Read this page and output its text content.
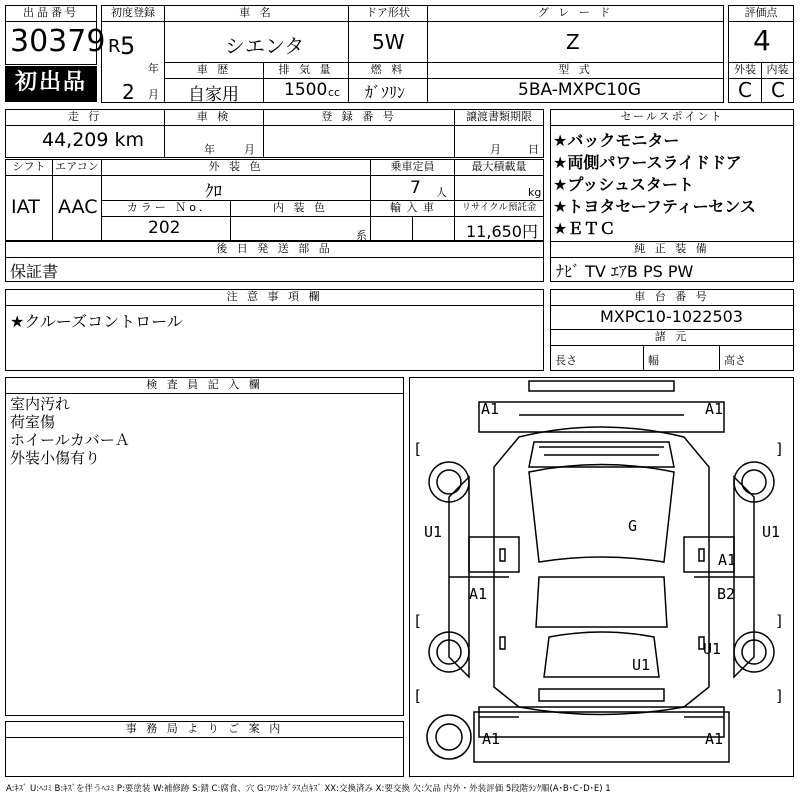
出品番号
30379
初出品
初度登録
R 5
年
2 月
車 名
シエンタ
ドア形状
5W
グ レ ー ド
Z
評価点
4
車 歴
自家用
排 気 量
1500 cc
燃 料
ｶﾞｿﾘﾝ
型 式
5BA-MXPC10G
外装 内装
C C
走 行
44,209 km
車 検
年	月
登 録 番 号	譲渡書類期限
月 日
セールスポイント
★バックモニター
★両側パワースライドドア
★プッシュスタート
★トヨタセーフティーセンス
★ＥＴＣ
シフト
IAT
エアコン
AAC
外 装 色
ｸﾛ
乗車定員
7 人
最大積載量
kg
カラー Ｎo.
202
内 装 色
系
輸 入 車	リサイクル預託金
11,650円
後 日 発 送 部 品
保証書
純 正 装 備
ﾅﾋﾞ TV ｴｱB PS PW
注 意 事 項 欄
★クルーズコントロール
車 台 番 号
MXPC10-1022503
諸 元
長さ	幅	高さ
検 査 員 記 入 欄
室内汚れ
荷室傷
ホイールカバーＡ
外装小傷有り
事 務 局 よ り ご 案 内
A1	A1
U1	U1
G
A1
A1	B2
U1
U1
A1	A1
[	]
[	]
[	]
A:ｷｽﾞ U:ﾍｺﾐ B:ｷｽﾞを伴うﾍｺﾐ P:要塗装 W:補修跡 S:錆 C:腐食、穴 G:ﾌﾛﾝﾄｶﾞﾗｽ点ｷｽﾞ XX:交換済み X:要交換 欠:欠品 内外・外装評価 5段階ﾗﾝｸ順(A･B･C･D･E) 1
